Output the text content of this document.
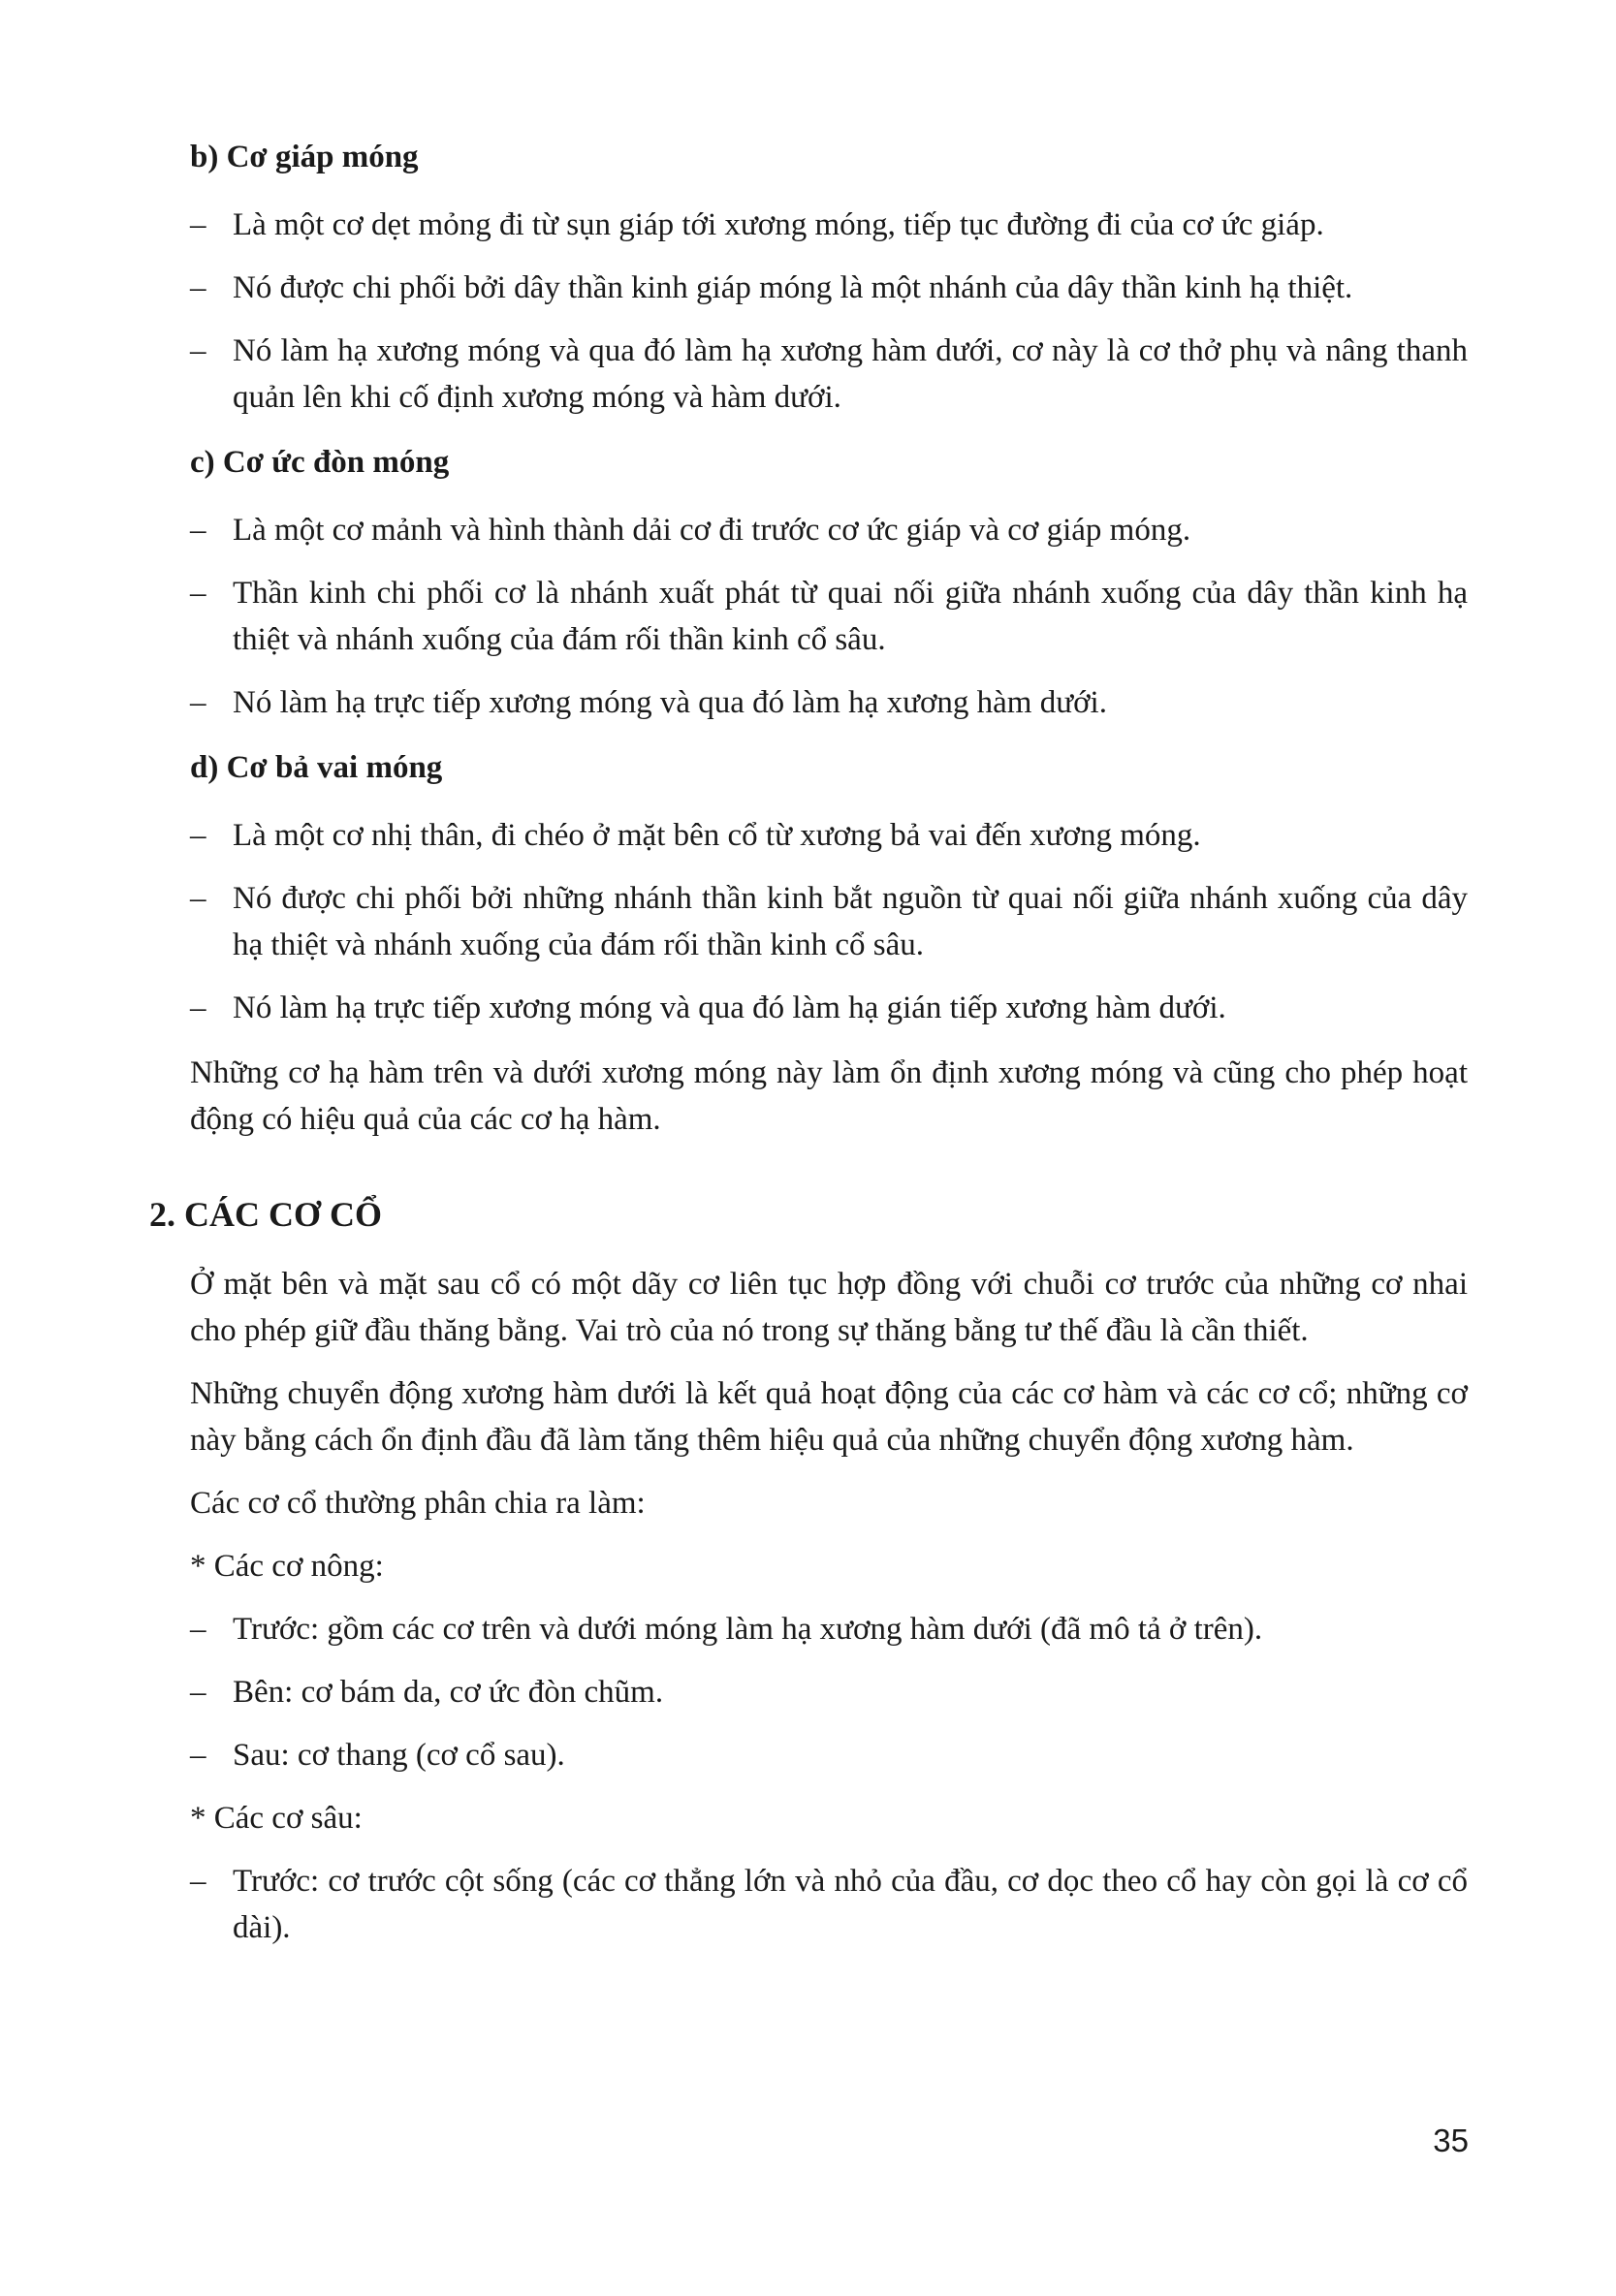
b) Cơ giáp móng
– Là một cơ dẹt mỏng đi từ sụn giáp tới xương móng, tiếp tục đường đi của cơ ức giáp.
– Nó được chi phối bởi dây thần kinh giáp móng là một nhánh của dây thần kinh hạ thiệt.
– Nó làm hạ xương móng và qua đó làm hạ xương hàm dưới, cơ này là cơ thở phụ và nâng thanh quản lên khi cố định xương móng và hàm dưới.
c) Cơ ức đòn móng
– Là một cơ mảnh và hình thành dải cơ đi trước cơ ức giáp và cơ giáp móng.
– Thần kinh chi phối cơ là nhánh xuất phát từ quai nối giữa nhánh xuống của dây thần kinh hạ thiệt và nhánh xuống của đám rối thần kinh cổ sâu.
– Nó làm hạ trực tiếp xương móng và qua đó làm hạ xương hàm dưới.
d) Cơ bả vai móng
– Là một cơ nhị thân, đi chéo ở mặt bên cổ từ xương bả vai đến xương móng.
– Nó được chi phối bởi những nhánh thần kinh bắt nguồn từ quai nối giữa nhánh xuống của dây hạ thiệt và nhánh xuống của đám rối thần kinh cổ sâu.
– Nó làm hạ trực tiếp xương móng và qua đó làm hạ gián tiếp xương hàm dưới.
Những cơ hạ hàm trên và dưới xương móng này làm ổn định xương móng và cũng cho phép hoạt động có hiệu quả của các cơ hạ hàm.
2. CÁC CƠ CỔ
Ở mặt bên và mặt sau cổ có một dãy cơ liên tục hợp đồng với chuỗi cơ trước của những cơ nhai cho phép giữ đầu thăng bằng. Vai trò của nó trong sự thăng bằng tư thế đầu là cần thiết.
Những chuyển động xương hàm dưới là kết quả hoạt động của các cơ hàm và các cơ cổ; những cơ này bằng cách ổn định đầu đã làm tăng thêm hiệu quả của những chuyển động xương hàm.
Các cơ cổ thường phân chia ra làm:
* Các cơ nông:
– Trước: gồm các cơ trên và dưới móng làm hạ xương hàm dưới (đã mô tả ở trên).
– Bên: cơ bám da, cơ ức đòn chũm.
– Sau: cơ thang (cơ cổ sau).
* Các cơ sâu:
– Trước: cơ trước cột sống (các cơ thẳng lớn và nhỏ của đầu, cơ dọc theo cổ hay còn gọi là cơ cổ dài).
35
